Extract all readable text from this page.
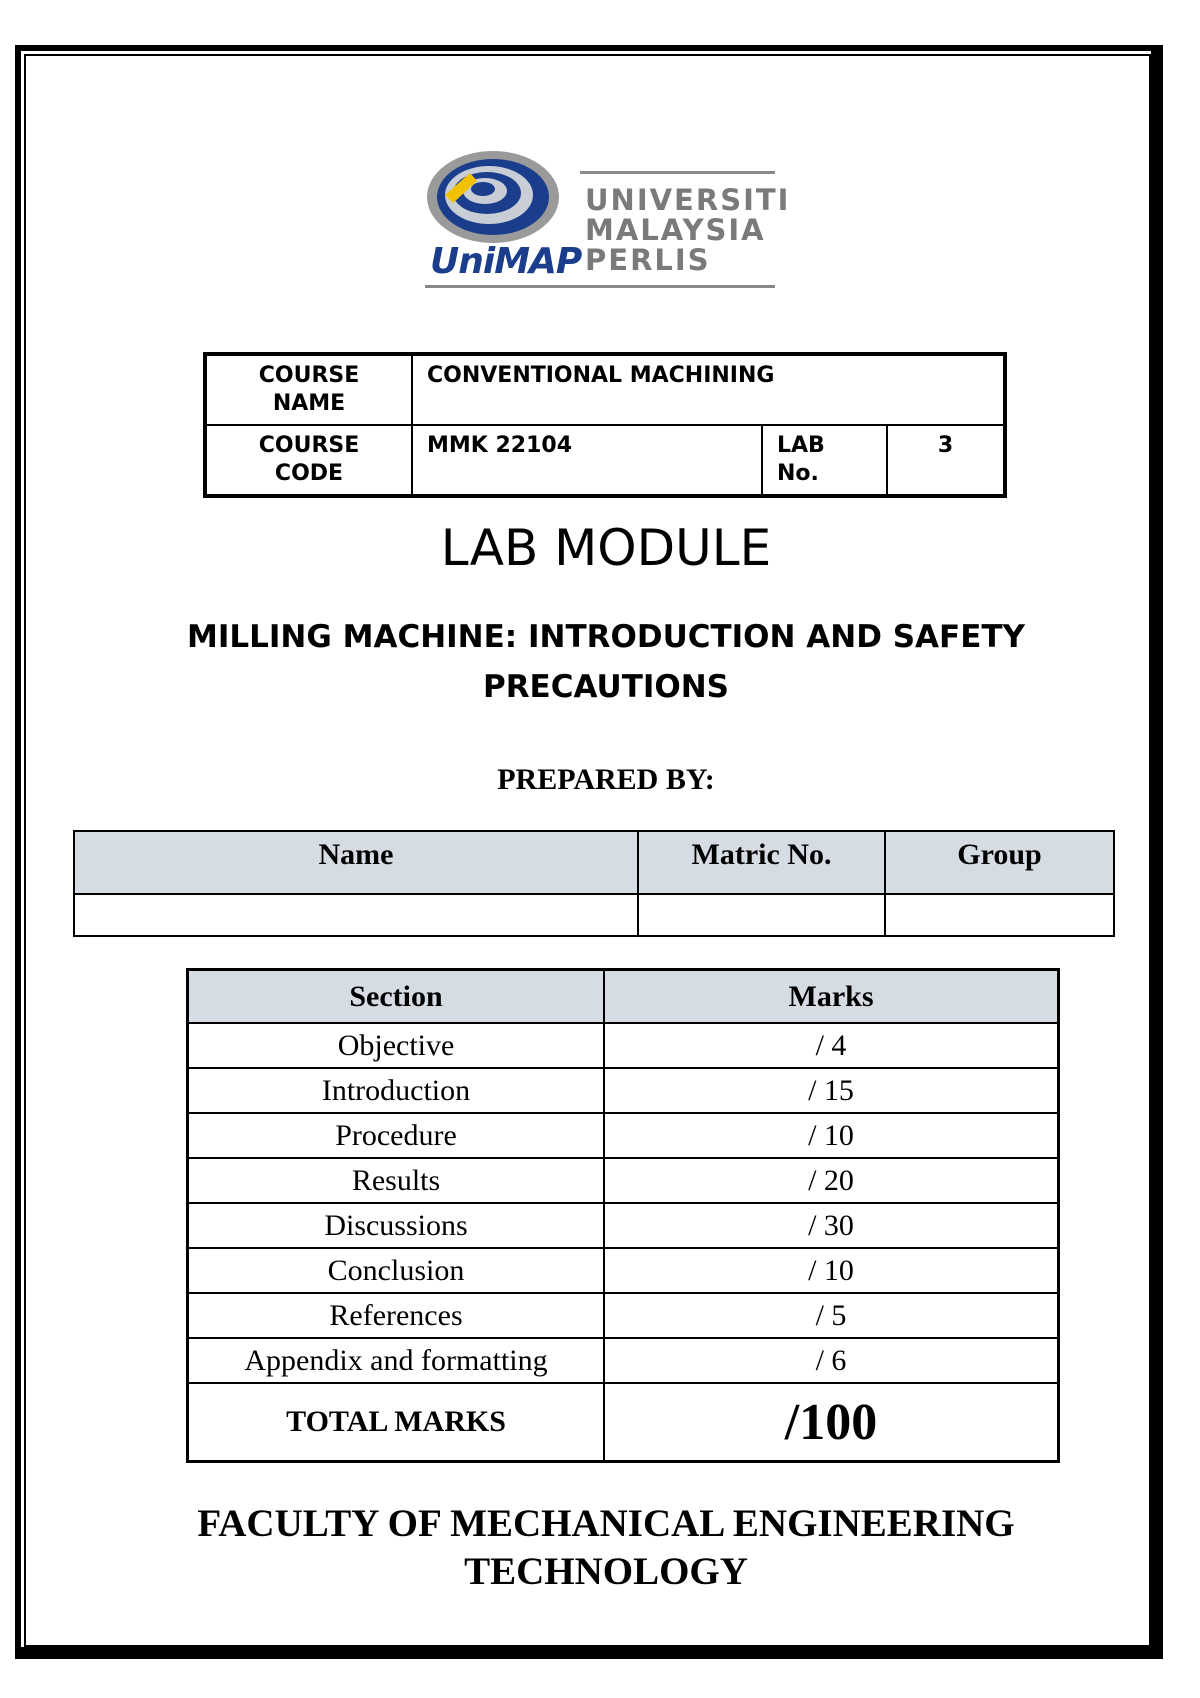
UNIVERSITI
MALAYSIA
PERLIS
UniMAP
COURSE NAME	CONVENTIONAL MACHINING		
COURSE CODE	MMK 22104	LAB No.	3
LAB MODULE
MILLING MACHINE: INTRODUCTION AND SAFETY PRECAUTIONS
PREPARED BY:
Name	Matric No.	Group

Section	Marks
Objective	/ 4
Introduction	/ 15
Procedure	/ 10
Results	/ 20
Discussions	/ 30
Conclusion	/ 10
References	/ 5
Appendix and formatting	/ 6
TOTAL MARKS	/100
FACULTY OF MECHANICAL ENGINEERING TECHNOLOGY
